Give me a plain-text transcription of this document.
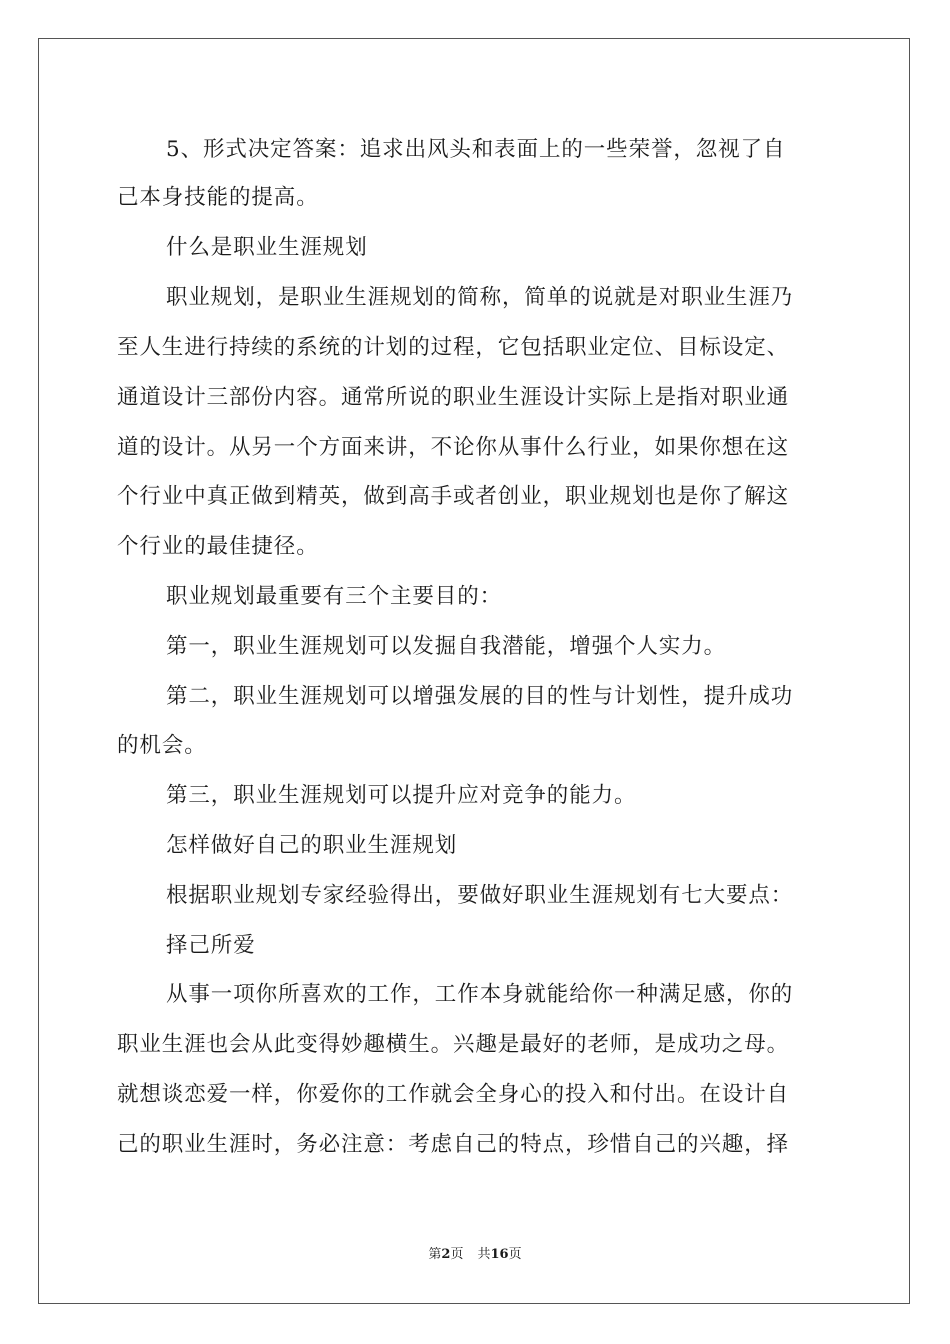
5、形式决定答案：追求出风头和表面上的一些荣誉，忽视了自
己本身技能的提高。
什么是职业生涯规划
职业规划，是职业生涯规划的简称，简单的说就是对职业生涯乃
至人生进行持续的系统的计划的过程，它包括职业定位、目标设定、
通道设计三部份内容。通常所说的职业生涯设计实际上是指对职业通
道的设计。从另一个方面来讲，不论你从事什么行业，如果你想在这
个行业中真正做到精英，做到高手或者创业，职业规划也是你了解这
个行业的最佳捷径。
职业规划最重要有三个主要目的：
第一，职业生涯规划可以发掘自我潜能，增强个人实力。
第二，职业生涯规划可以增强发展的目的性与计划性，提升成功
的机会。
第三，职业生涯规划可以提升应对竞争的能力。
怎样做好自己的职业生涯规划
根据职业规划专家经验得出，要做好职业生涯规划有七大要点：
择己所爱
从事一项你所喜欢的工作，工作本身就能给你一种满足感，你的
职业生涯也会从此变得妙趣横生。兴趣是最好的老师，是成功之母。
就想谈恋爱一样，你爱你的工作就会全身心的投入和付出。在设计自
己的职业生涯时，务必注意：考虑自己的特点，珍惜自己的兴趣，择
第2页 共16页
